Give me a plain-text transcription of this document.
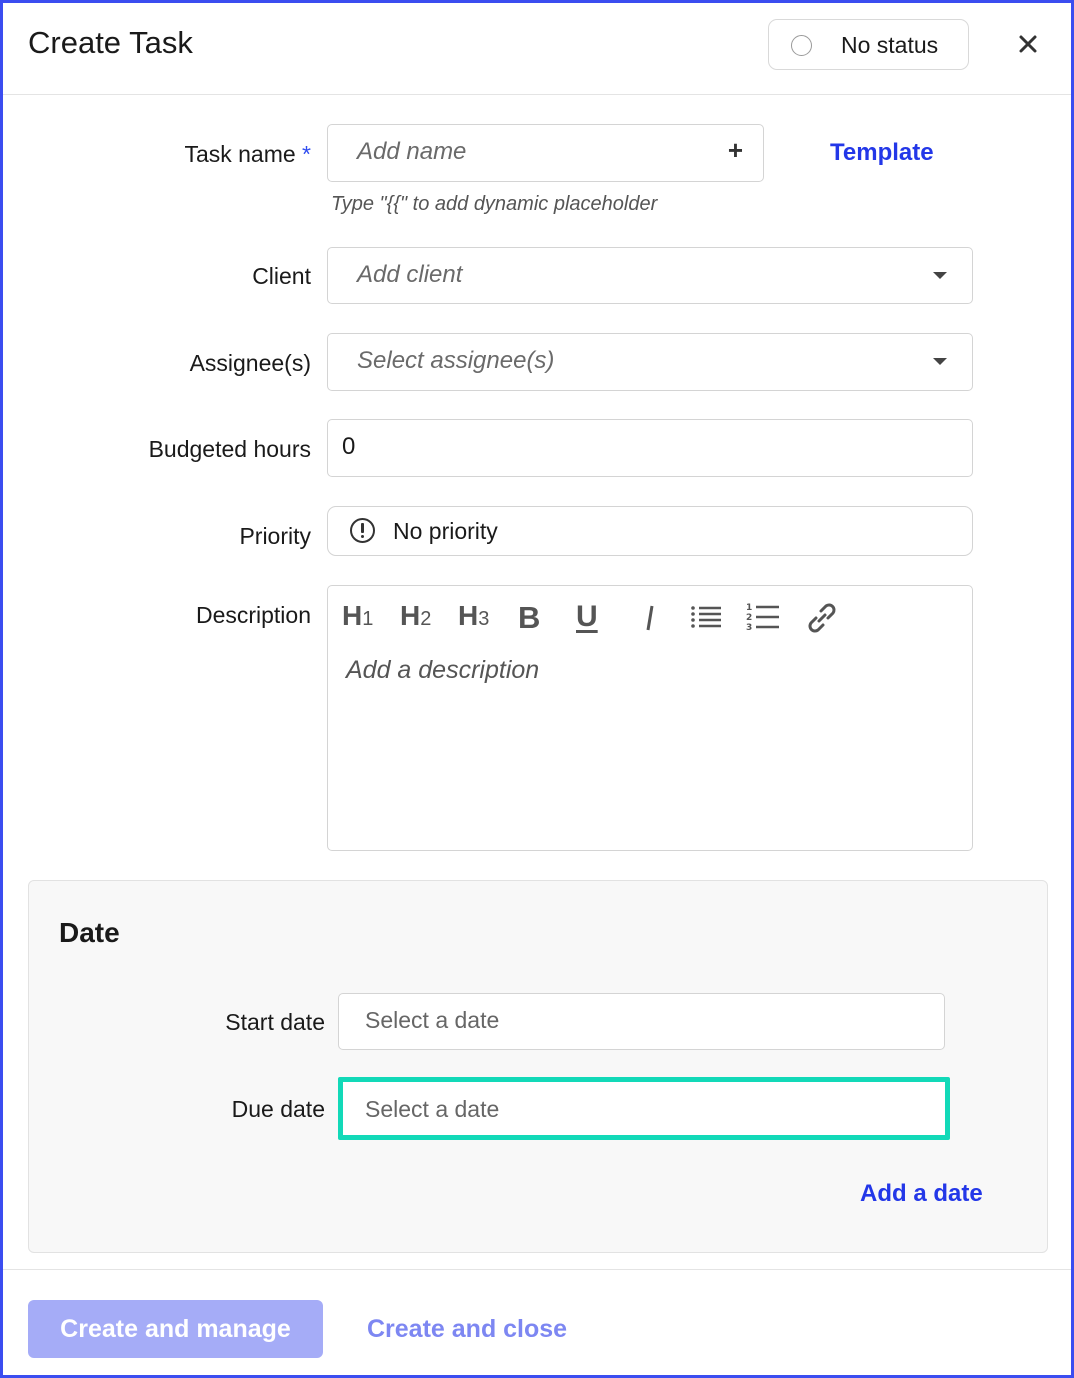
Create Task	No status
Task name * Add name	+	Template
Type "{{" to add dynamic placeholder
Client Add client
Assignee(s) Select assignee(s)
Budgeted hours 0
Priority	No priority
Description H1 H2 H3 B	U	1
2
3
Add a description
Date
Start date Select a date
Due date Select a date
Add a date
Create and manage	Create and close
